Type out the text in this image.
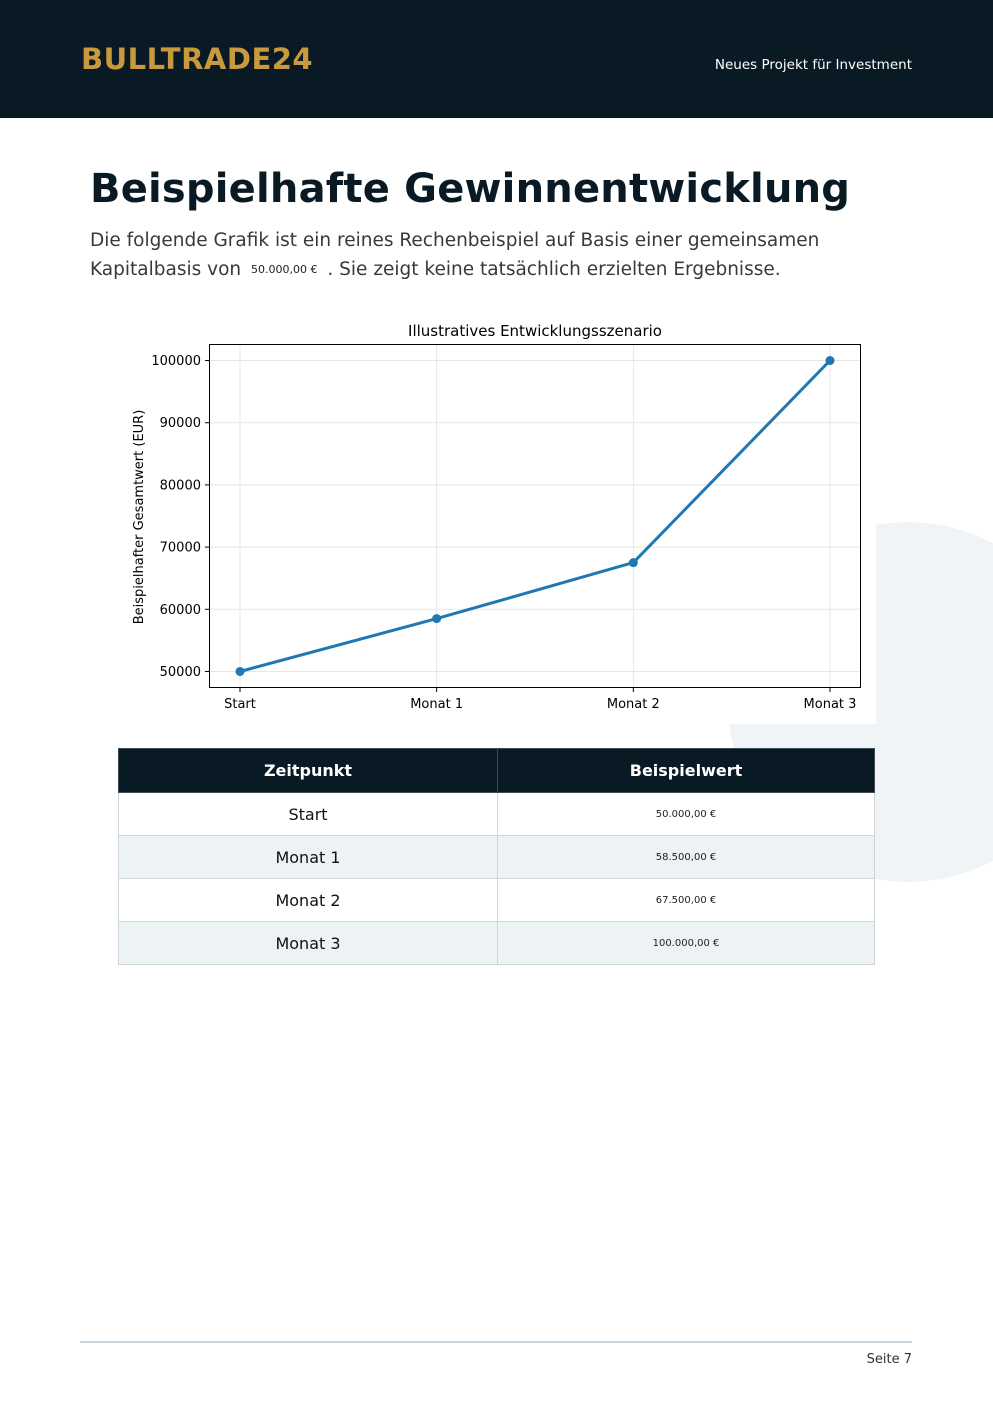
BULLTRADE24	Neues Projekt für Investment
Beispielhafte Gewinnentwicklung
Die folgende Grafik ist ein reines Rechenbeispiel auf Basis einer gemeinsamen Kapitalbasis von 50.000,00 € . Sie zeigt keine tatsächlich erzielten Ergebnisse.
Illustratives Entwicklungsszenario
Beispielhafter Gesamtwert (EUR)
50000
60000
70000
80000
90000
100000
Start	Monat 1	Monat 2	Monat 3
Zeitpunkt	Beispielwert
Start	50.000,00 €
Monat 1	58.500,00 €
Monat 2	67.500,00 €
Monat 3	100.000,00 €
Seite 7
